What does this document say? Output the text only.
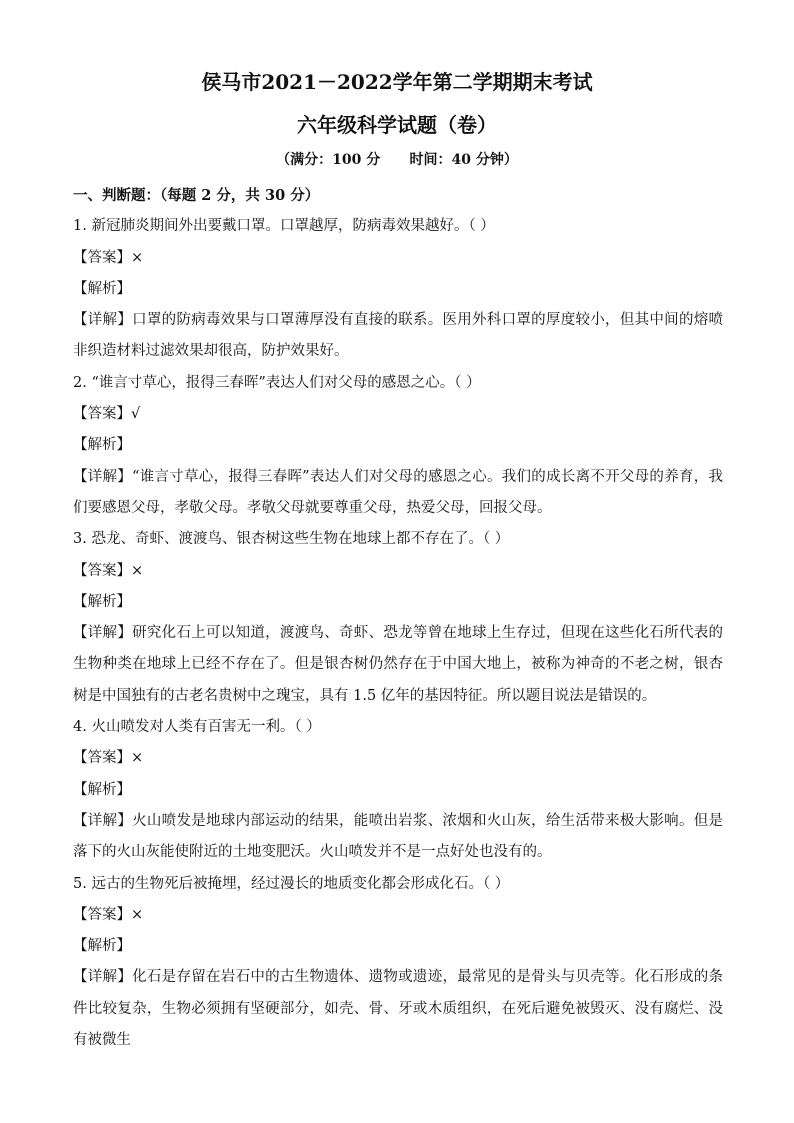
侯马市2021－2022学年第二学期期末考试
六年级科学试题（卷）
（满分：100 分      时间：40 分钟）

一、判断题：（每题 2 分，共 30 分）

1. 新冠肺炎期间外出要戴口罩。口罩越厚，防病毒效果越好。（ ）

【答案】×

【解析】

【详解】口罩的防病毒效果与口罩薄厚没有直接的联系。医用外科口罩的厚度较小，但其中间的熔喷非织造材料过滤效果却很高，防护效果好。

2. “谁言寸草心，报得三春晖”表达人们对父母的感恩之心。（ ）

【答案】√

【解析】

【详解】“谁言寸草心，报得三春晖”表达人们对父母的感恩之心。我们的成长离不开父母的养育，我们要感恩父母，孝敬父母。孝敬父母就要尊重父母，热爱父母，回报父母。

3. 恐龙、奇虾、渡渡鸟、银杏树这些生物在地球上都不存在了。（ ）

【答案】×

【解析】

【详解】研究化石上可以知道，渡渡鸟、奇虾、恐龙等曾在地球上生存过，但现在这些化石所代表的生物种类在地球上已经不存在了。但是银杏树仍然存在于中国大地上，被称为神奇的不老之树，银杏树是中国独有的古老名贵树中之瑰宝，具有 1.5 亿年的基因特征。所以题目说法是错误的。

4. 火山喷发对人类有百害无一利。（ ）

【答案】×

【解析】

【详解】火山喷发是地球内部运动的结果，能喷出岩浆、浓烟和火山灰，给生活带来极大影响。但是落下的火山灰能使附近的土地变肥沃。火山喷发并不是一点好处也没有的。

5. 远古的生物死后被掩埋，经过漫长的地质变化都会形成化石。（ ）

【答案】×

【解析】

【详解】化石是存留在岩石中的古生物遗体、遗物或遗迹，最常见的是骨头与贝壳等。化石形成的条件比较复杂，生物必须拥有坚硬部分，如壳、骨、牙或木质组织，在死后避免被毁灭、没有腐烂、没有被微生
